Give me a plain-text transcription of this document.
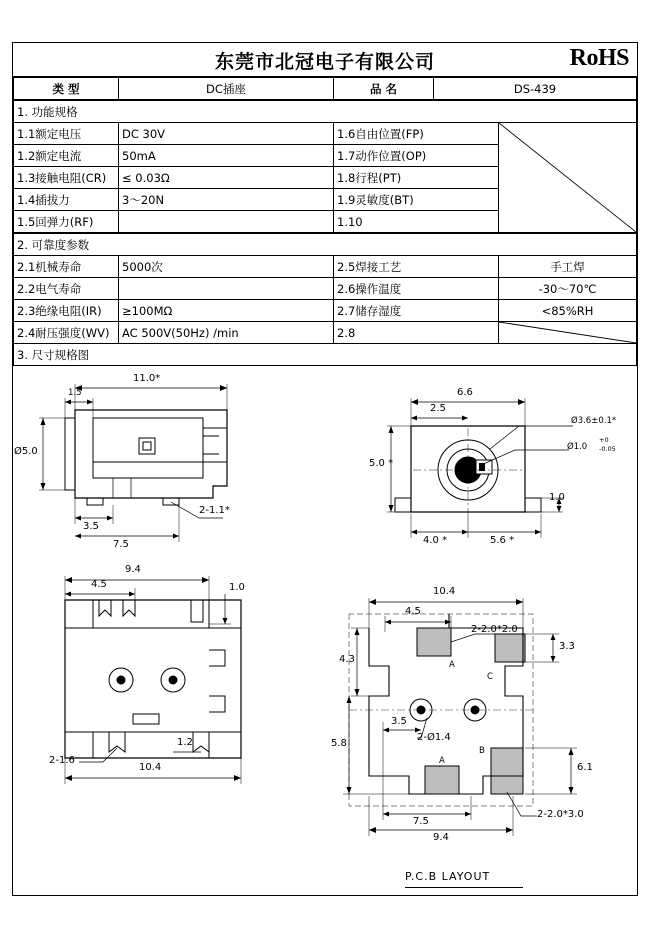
东莞市北冠电子有限公司	RoHS
类 型	DC插座	品 名	DS-439
1. 功能规格			
1.1额定电压	DC 30V	1.6自由位置(FP)	

1.2额定电流	50mA	1.7动作位置(OP)	
1.3接触电阻(CR)	≤ 0.03Ω	1.8行程(PT)	
1.4插拔力	3～20N	1.9灵敏度(BT)	
1.5回弹力(RF)		1.10	
2. 可靠度参数			
2.1机械寿命	5000次	2.5焊接工艺	手工焊
2.2电气寿命		2.6操作温度	-30～70℃
2.3绝缘电阻(IR)	≥100MΩ	2.7储存湿度	<85%RH
2.4耐压强度(WV)	AC 500V(50Hz) /min	2.8	

3. 尺寸规格图			
11.0*
1.5
Ø5.0
3.5
7.5
2-1.1*
6.6
2.5
5.0 *
Ø3.6±0.1*
Ø1.0
+0
-0.05
1.0
4.0 *	5.6 *
9.4
4.5	1.0
1.2
2-1.6
10.4
10.4
4.5
2-2.0*2.0
3.3
4.3
5.8
3.5
2-Ø1.4
6.1
7.5
9.4
2-2.0*3.0
A
C
B
A
P.C.B LAYOUT
